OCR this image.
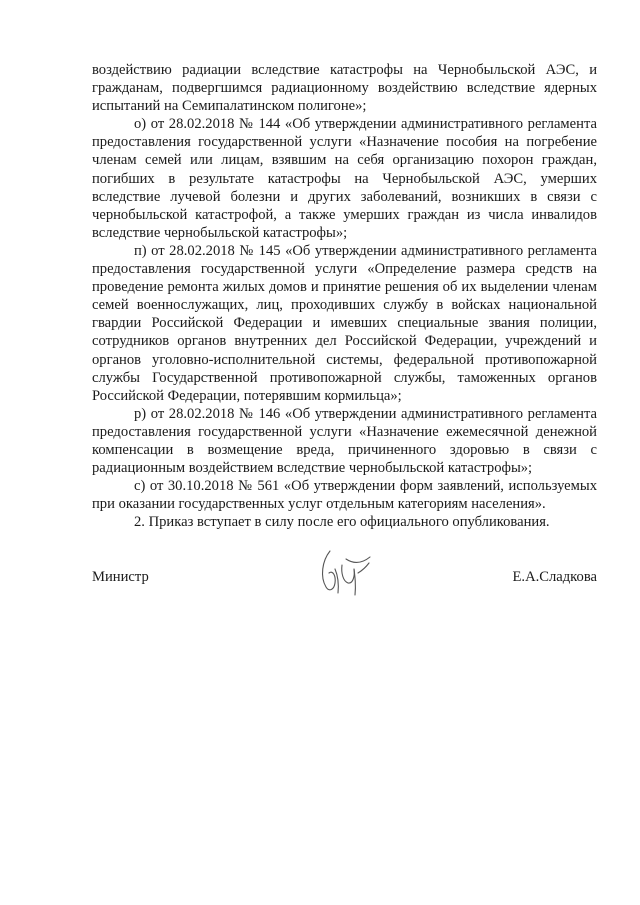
воздействию радиации вследствие катастрофы на Чернобыльской АЭС, и гражданам, подвергшимся радиационному воздействию вследствие ядерных испытаний на Семипалатинском полигоне»;

о) от 28.02.2018 № 144 «Об утверждении административного регламента предоставления государственной услуги «Назначение пособия на погребение членам семей или лицам, взявшим на себя организацию похорон граждан, погибших в результате катастрофы на Чернобыльской АЭС, умерших вследствие лучевой болезни и других заболеваний, возникших в связи с чернобыльской катастрофой, а также умерших граждан из числа инвалидов вследствие чернобыльской катастрофы»;

п) от 28.02.2018 № 145 «Об утверждении административного регламента предоставления государственной услуги «Определение размера средств на проведение ремонта жилых домов и принятие решения об их выделении членам семей военнослужащих, лиц, проходивших службу в войсках национальной гвардии Российской Федерации и имевших специальные звания полиции, сотрудников органов внутренних дел Российской Федерации, учреждений и органов уголовно-исполнительной системы, федеральной противопожарной службы Государственной противопожарной службы, таможенных органов Российской Федерации, потерявшим кормильца»;

р) от 28.02.2018 № 146 «Об утверждении административного регламента предоставления государственной услуги «Назначение ежемесячной денежной компенсации в возмещение вреда, причиненного здоровью в связи с радиационным воздействием вследствие чернобыльской катастрофы»;

с) от 30.10.2018 № 561 «Об утверждении форм заявлений, используемых при оказании государственных услуг отдельным категориям населения».

2. Приказ вступает в силу после его официального опубликования.

Министр	Е.А.Сладкова
